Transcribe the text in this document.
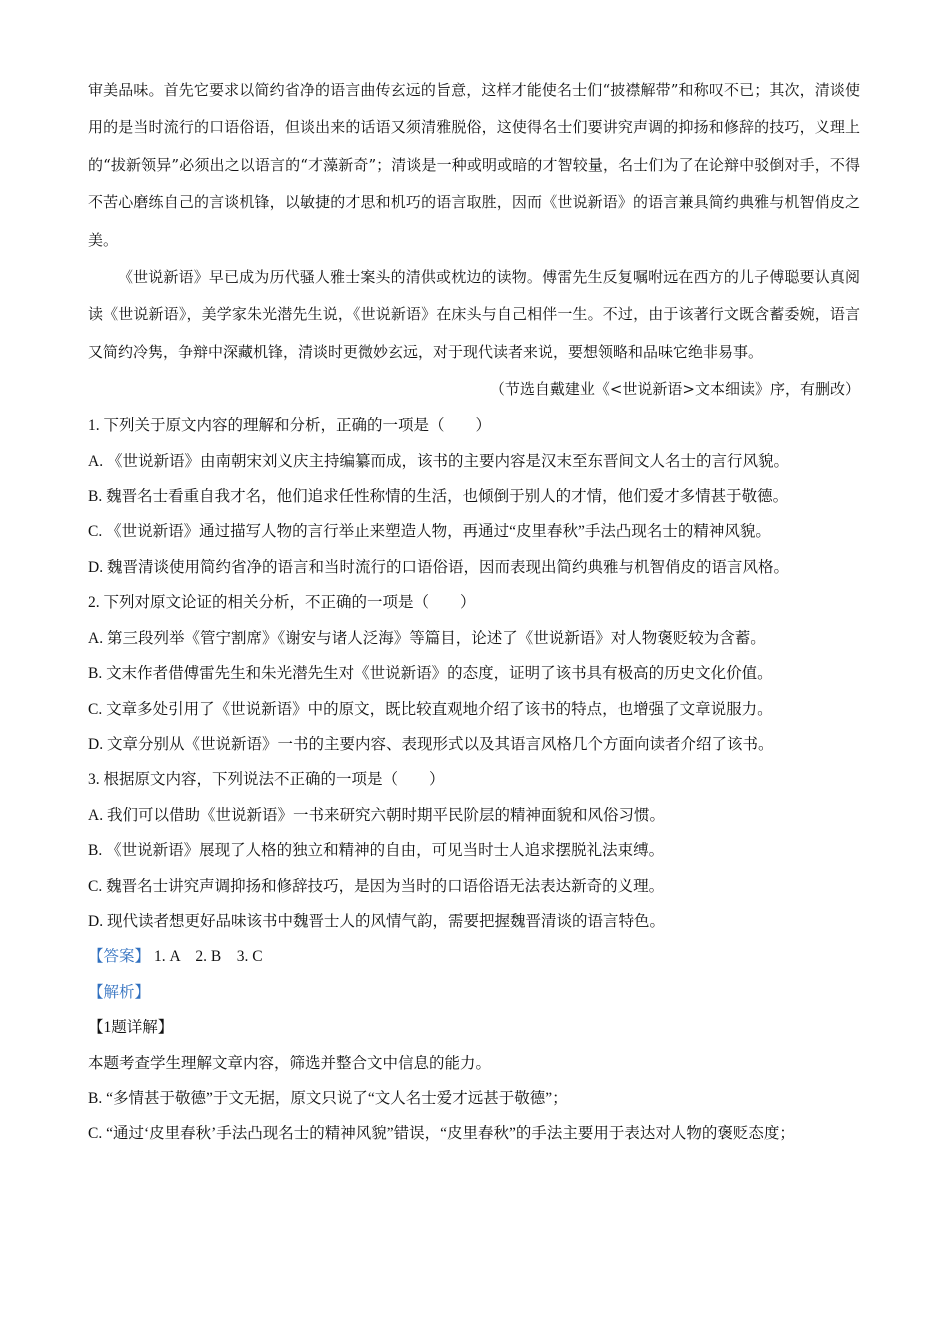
审美品味。首先它要求以简约省净的语言曲传玄远的旨意，这样才能使名士们“披襟解带”和称叹不已；其次，清谈使用的是当时流行的口语俗语，但谈出来的话语又须清雅脱俗，这使得名士们要讲究声调的抑扬和修辞的技巧，义理上的“拔新领异”必须出之以语言的“才藻新奇”；清谈是一种或明或暗的才智较量，名士们为了在论辩中驳倒对手，不得不苦心磨练自己的言谈机锋，以敏捷的才思和机巧的语言取胜，因而《世说新语》的语言兼具简约典雅与机智俏皮之美。

《世说新语》早已成为历代骚人雅士案头的清供或枕边的读物。傅雷先生反复嘱咐远在西方的儿子傅聪要认真阅读《世说新语》，美学家朱光潜先生说，《世说新语》在床头与自己相伴一生。不过，由于该著行文既含蓄委婉，语言又简约冷隽，争辩中深藏机锋，清谈时更微妙玄远，对于现代读者来说，要想领略和品味它绝非易事。

（节选自戴建业《<世说新语>文本细读》序，有删改）

1. 下列关于原文内容的理解和分析，正确的一项是（　　）

A. 《世说新语》由南朝宋刘义庆主持编纂而成，该书的主要内容是汉末至东晋间文人名士的言行风貌。

B. 魏晋名士看重自我才名，他们追求任性称情的生活，也倾倒于别人的才情，他们爱才多情甚于敬德。

C. 《世说新语》通过描写人物的言行举止来塑造人物，再通过“皮里春秋”手法凸现名士的精神风貌。

D. 魏晋清谈使用简约省净的语言和当时流行的口语俗语，因而表现出简约典雅与机智俏皮的语言风格。

2. 下列对原文论证的相关分析，不正确的一项是（　　）

A. 第三段列举《管宁割席》《谢安与诸人泛海》等篇目，论述了《世说新语》对人物褒贬较为含蓄。

B. 文末作者借傅雷先生和朱光潜先生对《世说新语》的态度，证明了该书具有极高的历史文化价值。

C. 文章多处引用了《世说新语》中的原文，既比较直观地介绍了该书的特点，也增强了文章说服力。

D. 文章分别从《世说新语》一书的主要内容、表现形式以及其语言风格几个方面向读者介绍了该书。

3. 根据原文内容，下列说法不正确的一项是（　　）

A. 我们可以借助《世说新语》一书来研究六朝时期平民阶层的精神面貌和风俗习惯。

B. 《世说新语》展现了人格的独立和精神的自由，可见当时士人追求摆脱礼法束缚。

C. 魏晋名士讲究声调抑扬和修辞技巧，是因为当时的口语俗语无法表达新奇的义理。

D. 现代读者想更好品味该书中魏晋士人的风情气韵，需要把握魏晋清谈的语言特色。

【答案】 1. A　2. B　3. C

【解析】

【1题详解】

本题考查学生理解文章内容，筛选并整合文中信息的能力。

B. “多情甚于敬德”于文无据，原文只说了“文人名士爱才远甚于敬德”；

C. “通过‘皮里春秋’手法凸现名士的精神风貌”错误，“皮里春秋”的手法主要用于表达对人物的褒贬态度；
